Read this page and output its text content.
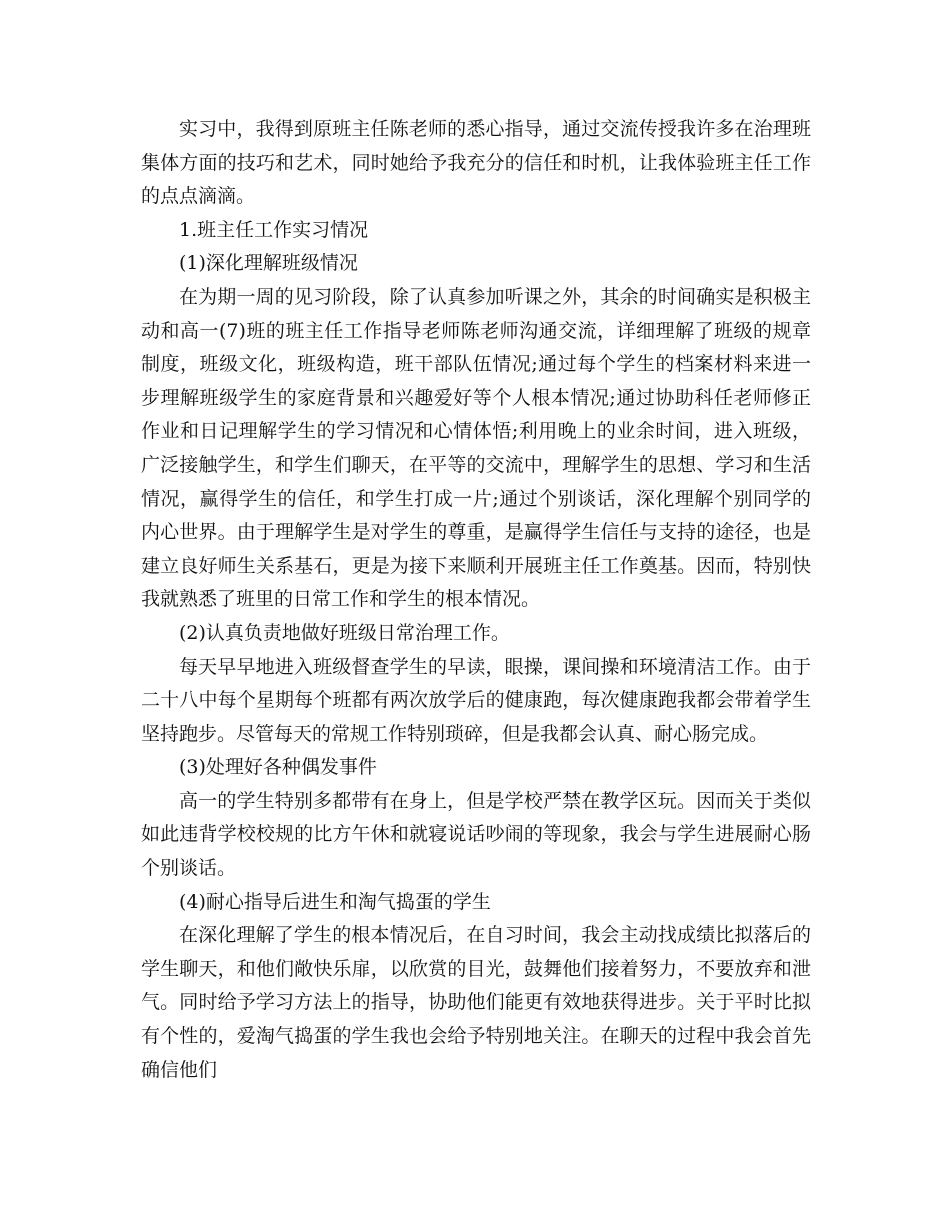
实习中，我得到原班主任陈老师的悉心指导，通过交流传授我许多在治理班集体方面的技巧和艺术，同时她给予我充分的信任和时机，让我体验班主任工作的点点滴滴。

1.班主任工作实习情况

(1)深化理解班级情况

在为期一周的见习阶段，除了认真参加听课之外，其余的时间确实是积极主动和高一(7)班的班主任工作指导老师陈老师沟通交流，详细理解了班级的规章制度，班级文化，班级构造，班干部队伍情况;通过每个学生的档案材料来进一步理解班级学生的家庭背景和兴趣爱好等个人根本情况;通过协助科任老师修正作业和日记理解学生的学习情况和心情体悟;利用晚上的业余时间，进入班级，广泛接触学生，和学生们聊天，在平等的交流中，理解学生的思想、学习和生活情况，赢得学生的信任，和学生打成一片;通过个别谈话，深化理解个别同学的内心世界。由于理解学生是对学生的尊重，是赢得学生信任与支持的途径，也是建立良好师生关系基石，更是为接下来顺利开展班主任工作奠基。因而，特别快我就熟悉了班里的日常工作和学生的根本情况。

(2)认真负责地做好班级日常治理工作。

每天早早地进入班级督查学生的早读，眼操，课间操和环境清洁工作。由于二十八中每个星期每个班都有两次放学后的健康跑，每次健康跑我都会带着学生坚持跑步。尽管每天的常规工作特别琐碎，但是我都会认真、耐心肠完成。

(3)处理好各种偶发事件

高一的学生特别多都带有在身上，但是学校严禁在教学区玩。因而关于类似如此违背学校校规的比方午休和就寝说话吵闹的等现象，我会与学生进展耐心肠个别谈话。

(4)耐心指导后进生和淘气捣蛋的学生

在深化理解了学生的根本情况后，在自习时间，我会主动找成绩比拟落后的学生聊天，和他们敞快乐扉，以欣赏的目光，鼓舞他们接着努力，不要放弃和泄气。同时给予学习方法上的指导，协助他们能更有效地获得进步。关于平时比拟有个性的，爱淘气捣蛋的学生我也会给予特别地关注。在聊天的过程中我会首先确信他们
